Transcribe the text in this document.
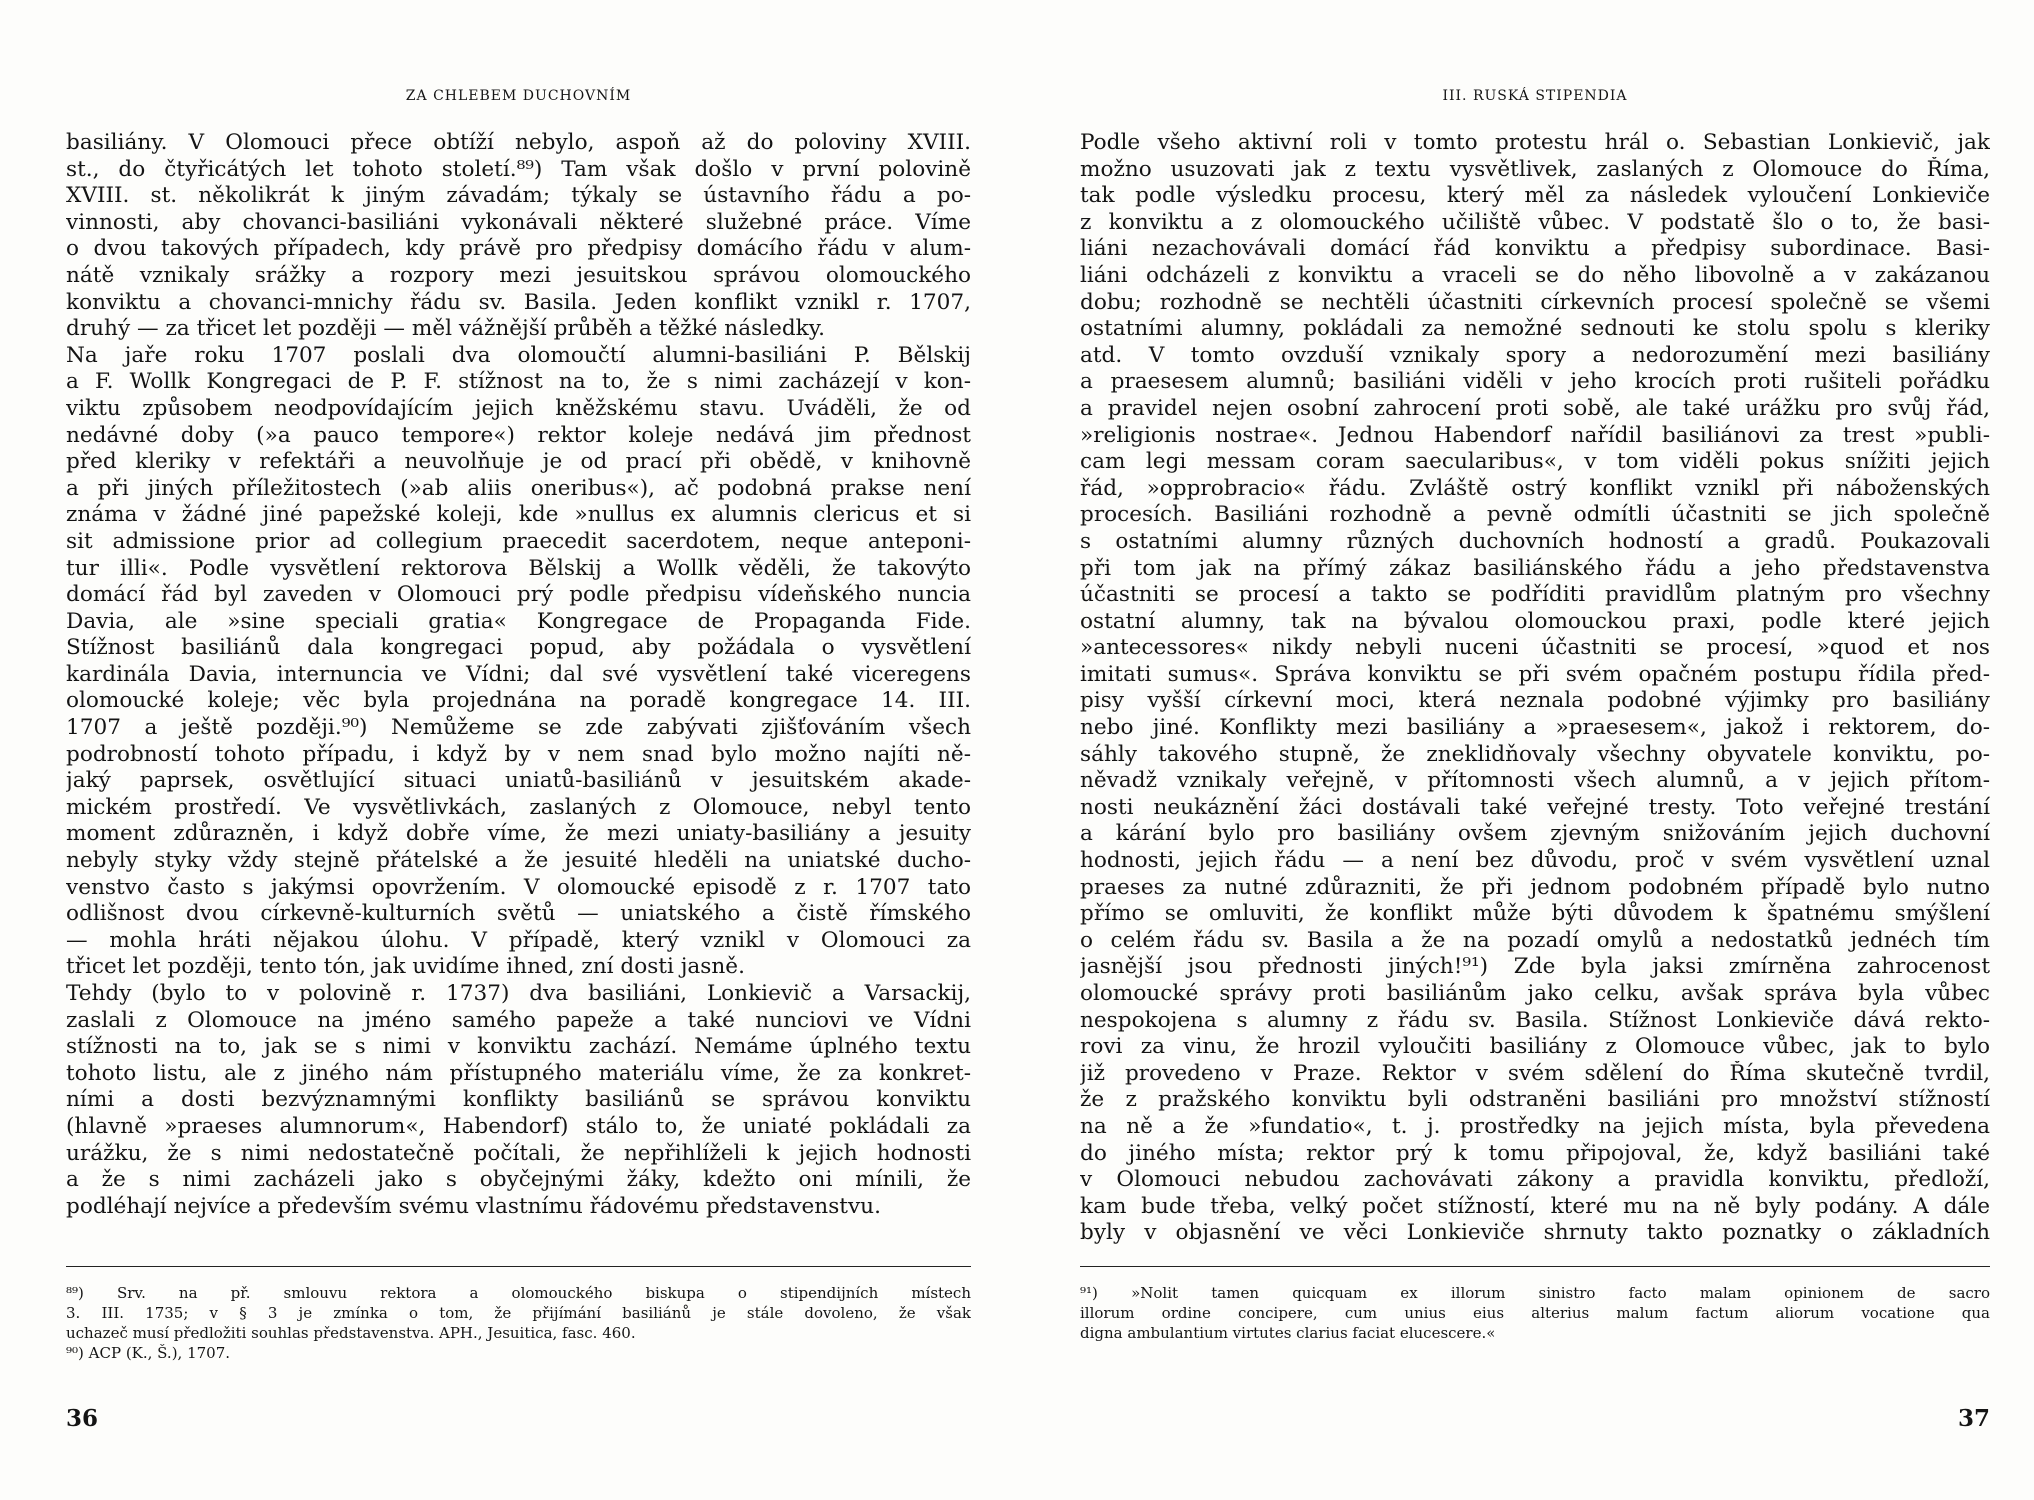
ZA CHLEBEM DUCHOVNÍM
basiliány. V Olomouci přece obtíží nebylo, aspoň až do poloviny XVIII.
st., do čtyřicátých let tohoto století.⁸⁹) Tam však došlo v první polovině
XVIII. st. několikrát k jiným závadám; týkaly se ústavního řádu a po-
vinnosti, aby chovanci-basiliáni vykonávali některé služebné práce. Víme
o dvou takových případech, kdy právě pro předpisy domácího řádu v alum-
nátě vznikaly srážky a rozpory mezi jesuitskou správou olomouckého
konviktu a chovanci-mnichy řádu sv. Basila. Jeden konflikt vznikl r. 1707,
druhý — za třicet let později — měl vážnější průběh a těžké následky.
Na jaře roku 1707 poslali dva olomoučtí alumni-basiliáni P. Bělskij
a F. Wollk Kongregaci de P. F. stížnost na to, že s nimi zacházejí v kon-
viktu způsobem neodpovídajícím jejich kněžskému stavu. Uváděli, že od
nedávné doby (»a pauco tempore«) rektor koleje nedává jim přednost
před kleriky v refektáři a neuvolňuje je od prací při obědě, v knihovně
a při jiných příležitostech (»ab aliis oneribus«), ač podobná prakse není
známa v žádné jiné papežské koleji, kde »nullus ex alumnis clericus et si
sit admissione prior ad collegium praecedit sacerdotem, neque anteponi-
tur illi«. Podle vysvětlení rektorova Bělskij a Wollk věděli, že takovýto
domácí řád byl zaveden v Olomouci prý podle předpisu vídeňského nuncia
Davia, ale »sine speciali gratia« Kongregace de Propaganda Fide.
Stížnost basiliánů dala kongregaci popud, aby požádala o vysvětlení
kardinála Davia, internuncia ve Vídni; dal své vysvětlení také viceregens
olomoucké koleje; věc byla projednána na poradě kongregace 14. III.
1707 a ještě později.⁹⁰) Nemůžeme se zde zabývati zjišťováním všech
podrobností tohoto případu, i když by v nem snad bylo možno najíti ně-
jaký paprsek, osvětlující situaci uniatů-basiliánů v jesuitském akade-
mickém prostředí. Ve vysvětlivkách, zaslaných z Olomouce, nebyl tento
moment zdůrazněn, i když dobře víme, že mezi uniaty-basiliány a jesuity
nebyly styky vždy stejně přátelské a že jesuité hleděli na uniatské ducho-
venstvo často s jakýmsi opovržením. V olomoucké episodě z r. 1707 tato
odlišnost dvou církevně-kulturních světů — uniatského a čistě římského
— mohla hráti nějakou úlohu. V případě, který vznikl v Olomouci za
třicet let později, tento tón, jak uvidíme ihned, zní dosti jasně.
Tehdy (bylo to v polovině r. 1737) dva basiliáni, Lonkievič a Varsackij,
zaslali z Olomouce na jméno samého papeže a také nunciovi ve Vídni
stížnosti na to, jak se s nimi v konviktu zachází. Nemáme úplného textu
tohoto listu, ale z jiného nám přístupného materiálu víme, že za konkret-
ními a dosti bezvýznamnými konflikty basiliánů se správou konviktu
(hlavně »praeses alumnorum«, Habendorf) stálo to, že uniaté pokládali za
urážku, že s nimi nedostatečně počítali, že nepřihlíželi k jejich hodnosti
a že s nimi zacházeli jako s obyčejnými žáky, kdežto oni mínili, že
podléhají nejvíce a především svému vlastnímu řádovému představenstvu.
⁸⁹) Srv. na př. smlouvu rektora a olomouckého biskupa o stipendijních místech
3. III. 1735; v § 3 je zmínka o tom, že přijímání basiliánů je stále dovoleno, že však
uchazeč musí předložiti souhlas představenstva. APH., Jesuitica, fasc. 460.
⁹⁰) ACP (K., Š.), 1707.
36
III. RUSKÁ STIPENDIA
Podle všeho aktivní roli v tomto protestu hrál o. Sebastian Lonkievič, jak
možno usuzovati jak z textu vysvětlivek, zaslaných z Olomouce do Říma,
tak podle výsledku procesu, který měl za následek vyloučení Lonkieviče
z konviktu a z olomouckého učiliště vůbec. V podstatě šlo o to, že basi-
liáni nezachovávali domácí řád konviktu a předpisy subordinace. Basi-
liáni odcházeli z konviktu a vraceli se do něho libovolně a v zakázanou
dobu; rozhodně se nechtěli účastniti církevních procesí společně se všemi
ostatními alumny, pokládali za nemožné sednouti ke stolu spolu s kleriky
atd. V tomto ovzduší vznikaly spory a nedorozumění mezi basiliány
a praesesem alumnů; basiliáni viděli v jeho krocích proti rušiteli pořádku
a pravidel nejen osobní zahrocení proti sobě, ale také urážku pro svůj řád,
»religionis nostrae«. Jednou Habendorf nařídil basiliánovi za trest »publi-
cam legi messam coram saecularibus«, v tom viděli pokus snížiti jejich
řád, »opprobracio« řádu. Zvláště ostrý konflikt vznikl při náboženských
procesích. Basiliáni rozhodně a pevně odmítli účastniti se jich společně
s ostatními alumny různých duchovních hodností a gradů. Poukazovali
při tom jak na přímý zákaz basiliánského řádu a jeho představenstva
účastniti se procesí a takto se podříditi pravidlům platným pro všechny
ostatní alumny, tak na bývalou olomouckou praxi, podle které jejich
»antecessores« nikdy nebyli nuceni účastniti se procesí, »quod et nos
imitati sumus«. Správa konviktu se při svém opačném postupu řídila před-
pisy vyšší církevní moci, která neznala podobné výjimky pro basiliány
nebo jiné. Konflikty mezi basiliány a »praesesem«, jakož i rektorem, do-
sáhly takového stupně, že zneklidňovaly všechny obyvatele konviktu, po-
něvadž vznikaly veřejně, v přítomnosti všech alumnů, a v jejich přítom-
nosti neukáznění žáci dostávali také veřejné tresty. Toto veřejné trestání
a kárání bylo pro basiliány ovšem zjevným snižováním jejich duchovní
hodnosti, jejich řádu — a není bez důvodu, proč v svém vysvětlení uznal
praeses za nutné zdůrazniti, že při jednom podobném případě bylo nutno
přímo se omluviti, že konflikt může býti důvodem k špatnému smýšlení
o celém řádu sv. Basila a že na pozadí omylů a nedostatků jednéch tím
jasnější jsou přednosti jiných!⁹¹) Zde byla jaksi zmírněna zahrocenost
olomoucké správy proti basiliánům jako celku, avšak správa byla vůbec
nespokojena s alumny z řádu sv. Basila. Stížnost Lonkieviče dává rekto-
rovi za vinu, že hrozil vyloučiti basiliány z Olomouce vůbec, jak to bylo
již provedeno v Praze. Rektor v svém sdělení do Říma skutečně tvrdil,
že z pražského konviktu byli odstraněni basiliáni pro množství stížností
na ně a že »fundatio«, t. j. prostředky na jejich místa, byla převedena
do jiného místa; rektor prý k tomu připojoval, že, když basiliáni také
v Olomouci nebudou zachovávati zákony a pravidla konviktu, předloží,
kam bude třeba, velký počet stížností, které mu na ně byly podány. A dále
byly v objasnění ve věci Lonkieviče shrnuty takto poznatky o základních
⁹¹) »Nolit tamen quicquam ex illorum sinistro facto malam opinionem de sacro
illorum ordine concipere, cum unius eius alterius malum factum aliorum vocatione qua
digna ambulantium virtutes clarius faciat elucescere.«
37
